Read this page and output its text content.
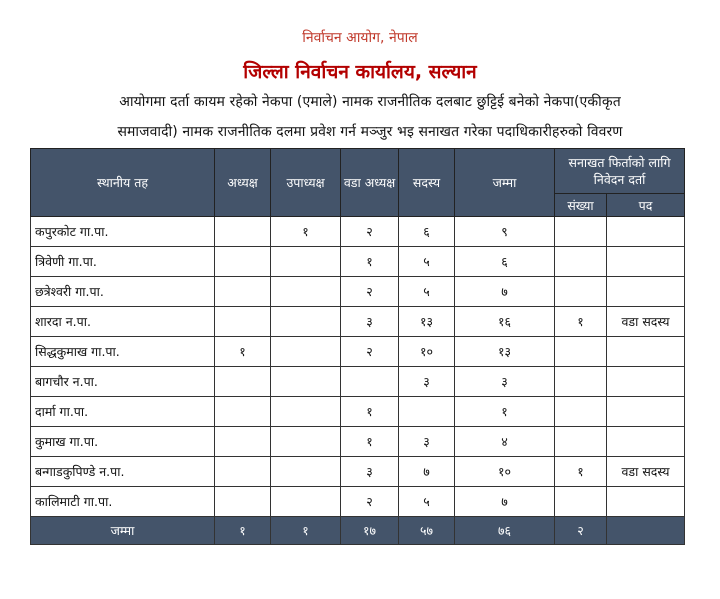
निर्वाचन आयोग, नेपाल
जिल्ला निर्वाचन कार्यालय, सल्यान
आयोगमा दर्ता कायम रहेको नेकपा (एमाले) नामक राजनीतिक दलबाट छुट्टिई बनेको नेकपा(एकीकृत
समाजवादी) नामक राजनीतिक दलमा प्रवेश गर्न मञ्जुर भइ सनाखत गरेका पदाधिकारीहरुको विवरण
स्थानीय तह	अध्यक्ष	उपाध्यक्ष	वडा अध्यक्ष	सदस्य	जम्मा	सनाखत फिर्ताको लागि निवेदन दर्ता	
						संख्या	पद
कपुरकोट गा.पा.		१	२	६	९		
त्रिवेणी गा.पा.			१	५	६		
छत्रेश्वरी गा.पा.			२	५	७		
शारदा न.पा.			३	१३	१६	१	वडा सदस्य
सिद्धकुमाख गा.पा.	१		२	१०	१३		
बागचौर न.पा.				३	३		
दार्मा गा.पा.			१		१		
कुमाख गा.पा.			१	३	४		
बन्गाडकुपिण्डे न.पा.			३	७	१०	१	वडा सदस्य
कालिमाटी गा.पा.			२	५	७		
जम्मा	१	१	१७	५७	७६	२	
